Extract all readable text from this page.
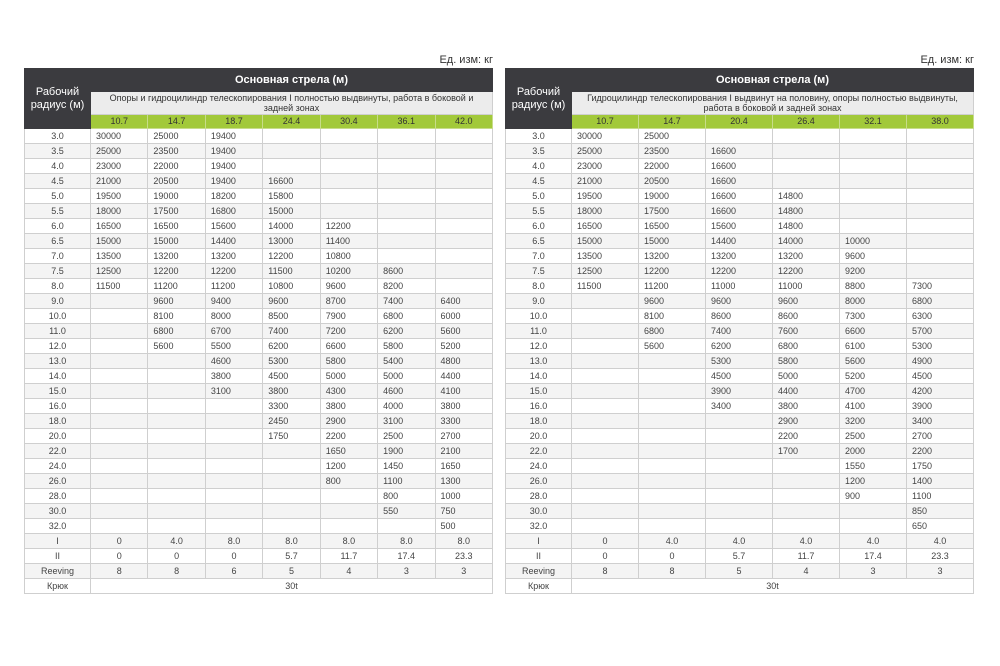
Ед. изм: кг
Рабочий радиус (м)	Основная стрела (м)						
	Опоры и гидроцилиндр телескопирования I полностью выдвинуты, работа в боковой и задней зонах						
	10.7	14.7	18.7	24.4	30.4	36.1	42.0
3.0	30000	25000	19400				
3.5	25000	23500	19400				
4.0	23000	22000	19400				
4.5	21000	20500	19400	16600			
5.0	19500	19000	18200	15800			
5.5	18000	17500	16800	15000			
6.0	16500	16500	15600	14000	12200		
6.5	15000	15000	14400	13000	11400		
7.0	13500	13200	13200	12200	10800		
7.5	12500	12200	12200	11500	10200	8600	
8.0	11500	11200	11200	10800	9600	8200	
9.0		9600	9400	9600	8700	7400	6400
10.0		8100	8000	8500	7900	6800	6000
11.0		6800	6700	7400	7200	6200	5600
12.0		5600	5500	6200	6600	5800	5200
13.0			4600	5300	5800	5400	4800
14.0			3800	4500	5000	5000	4400
15.0			3100	3800	4300	4600	4100
16.0				3300	3800	4000	3800
18.0				2450	2900	3100	3300
20.0				1750	2200	2500	2700
22.0					1650	1900	2100
24.0					1200	1450	1650
26.0					800	1100	1300
28.0						800	1000
30.0						550	750
32.0							500
I	0	4.0	8.0	8.0	8.0	8.0	8.0
II	0	0	0	5.7	11.7	17.4	23.3
Reeving	8	8	6	5	4	3	3
Крюк	30t						
Ед. изм: кг
Рабочий радиус (м)	Основная стрела (м)					
	Гидроцилиндр телескопирования I выдвинут на половину, опоры полностью выдвинуты, работа в боковой и задней зонах					
	10.7	14.7	20.4	26.4	32.1	38.0
3.0	30000	25000				
3.5	25000	23500	16600			
4.0	23000	22000	16600			
4.5	21000	20500	16600			
5.0	19500	19000	16600	14800		
5.5	18000	17500	16600	14800		
6.0	16500	16500	15600	14800		
6.5	15000	15000	14400	14000	10000	
7.0	13500	13200	13200	13200	9600	
7.5	12500	12200	12200	12200	9200	
8.0	11500	11200	11000	11000	8800	7300
9.0		9600	9600	9600	8000	6800
10.0		8100	8600	8600	7300	6300
11.0		6800	7400	7600	6600	5700
12.0		5600	6200	6800	6100	5300
13.0			5300	5800	5600	4900
14.0			4500	5000	5200	4500
15.0			3900	4400	4700	4200
16.0			3400	3800	4100	3900
18.0				2900	3200	3400
20.0				2200	2500	2700
22.0				1700	2000	2200
24.0					1550	1750
26.0					1200	1400
28.0					900	1100
30.0						850
32.0						650
I	0	4.0	4.0	4.0	4.0	4.0
II	0	0	5.7	11.7	17.4	23.3
Reeving	8	8	5	4	3	3
Крюк	30t					
